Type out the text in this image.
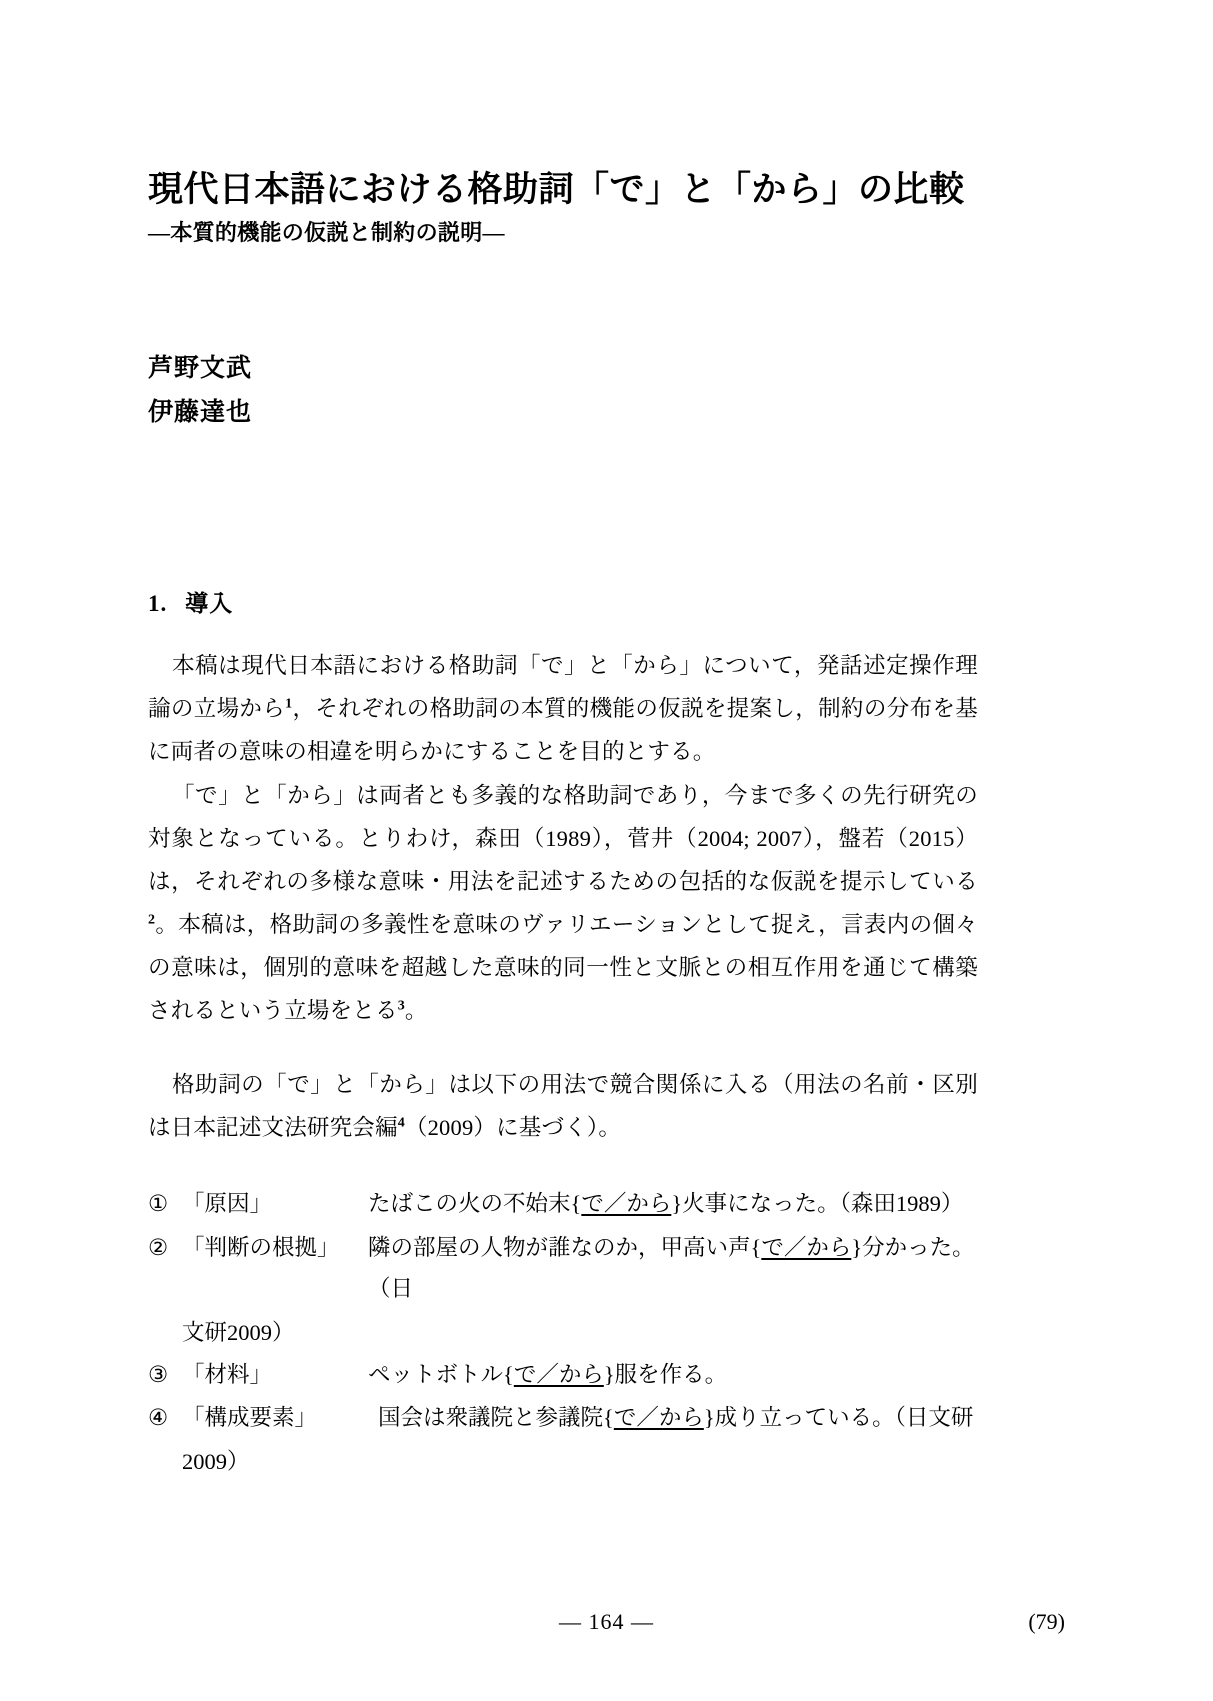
現代日本語における格助詞「で」と「から」の比較
―本質的機能の仮説と制約の説明―
芦野文武
伊藤達也
1. 導入

本稿は現代日本語における格助詞「で」と「から」について，発話述定操作理論の立場から$^1$，それぞれの格助詞の本質的機能の仮説を提案し，制約の分布を基に両者の意味の相違を明らかにすることを目的とする。

「で」と「から」は両者とも多義的な格助詞であり，今まで多くの先行研究の対象となっている。とりわけ，森田（1989），菅井（2004; 2007），盤若（2015）は，それぞれの多様な意味・用法を記述するための包括的な仮説を提示している$^2$。本稿は，格助詞の多義性を意味のヴァリエーションとして捉え，言表内の個々の意味は，個別的意味を超越した意味的同一性と文脈との相互作用を通じて構築されるという立場をとる$^3$。

格助詞の「で」と「から」は以下の用法で競合関係に入る（用法の名前・区別は日本記述文法研究会編$^4$（2009）に基づく）。

① 「原因」	たばこの火の不始末{で／から}火事になった。（森田1989）
② 「判断の根拠」	隣の部屋の人物が誰なのか，甲高い声{で／から}分かった。（日
文研2009）
③ 「材料」	ペットボトル{で／から}服を作る。
④ 「構成要素」	国会は衆議院と参議院{で／から}成り立っている。（日文研
2009）
― 164 ―	(79)
